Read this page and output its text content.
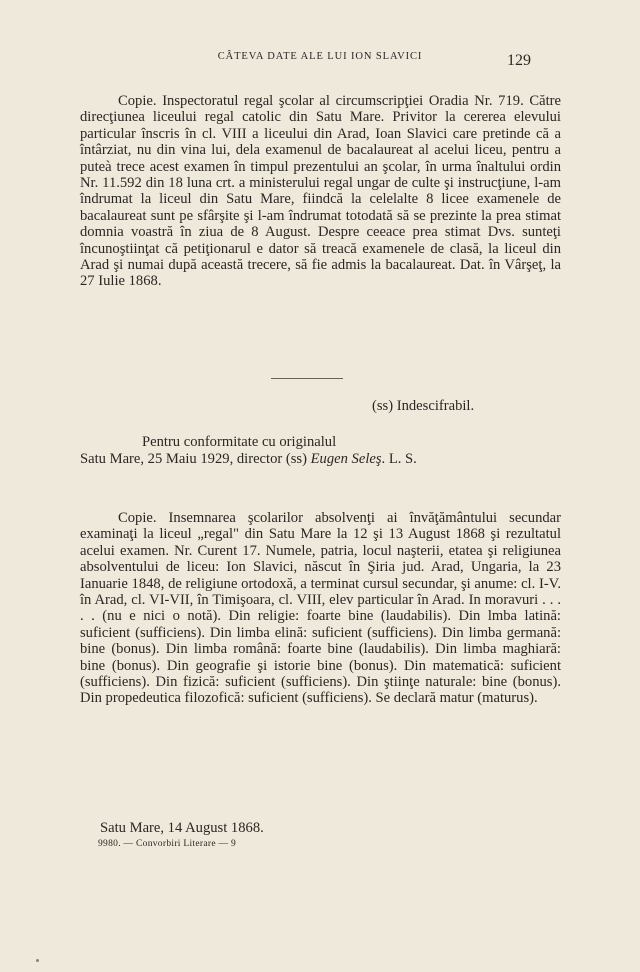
CÂTEVA DATE ALE LUI ION SLAVICI	129

Copie. Inspectoratul regal şcolar al circumscripţiei Oradia Nr. 719. Către direcţiunea liceului regal catolic din Satu Mare. Privitor la cererea elevului particular înscris în cl. VIII a liceului din Arad, Ioan Slavici care pretinde că a întârziat, nu din vina lui, dela examenul de bacalaureat al acelui liceu, pentru a puteà trece acest examen în timpul prezentului an şcolar, în urma înaltului ordin Nr. 11.592 din 18 luna crt. a ministerului regal ungar de culte şi instrucţiune, l-am îndrumat la liceul din Satu Mare, fiindcă la celelalte 8 licee examenele de bacalaureat sunt pe sfârşite şi l-am îndrumat totodată să se prezinte la prea stimat domnia voastră în ziua de 8 August. Despre ceeace prea stimat Dvs. sunteţi încunoştiinţat că petiţionarul e dator să treacă examenele de clasă, la liceul din Arad şi numai după această trecere, să fie admis la bacalaureat. Dat. în Vârşeţ, la 27 Iulie 1868.

(ss) Indescifrabil.
Pentru conformitate cu originalul
Satu Mare, 25 Maiu 1929, director (ss) Eugen Seleş. L. S.

Copie. Insemnarea şcolarilor absolvenţi ai învăţământului secundar examinaţi la liceul „regal" din Satu Mare la 12 şi 13 August 1868 şi rezultatul acelui examen. Nr. Curent 17. Numele, patria, locul naşterii, etatea şi religiunea absolventului de liceu: Ion Slavici, născut în Şiria jud. Arad, Ungaria, la 23 Ianuarie 1848, de religiune ortodoxă, a terminat cursul secundar, şi anume: cl. I-V. în Arad, cl. VI-VII, în Timişoara, cl. VIII, elev particular în Arad. In moravuri . . . . . (nu e nici o notă). Din religie: foarte bine (laudabilis). Din lmba latină: suficient (sufficiens). Din limba elină: suficient (sufficiens). Din limba germană: bine (bonus). Din limba română: foarte bine (laudabilis). Din limba maghiară: bine (bonus). Din geografie şi istorie bine (bonus). Din matematică: suficient (sufficiens). Din fizică: suficient (sufficiens). Din ştiinţe naturale: bine (bonus). Din propedeutica filozofică: suficient (sufficiens). Se declară matur (maturus).

Satu Mare, 14 August 1868.
9980. — Convorbiri Literare — 9
